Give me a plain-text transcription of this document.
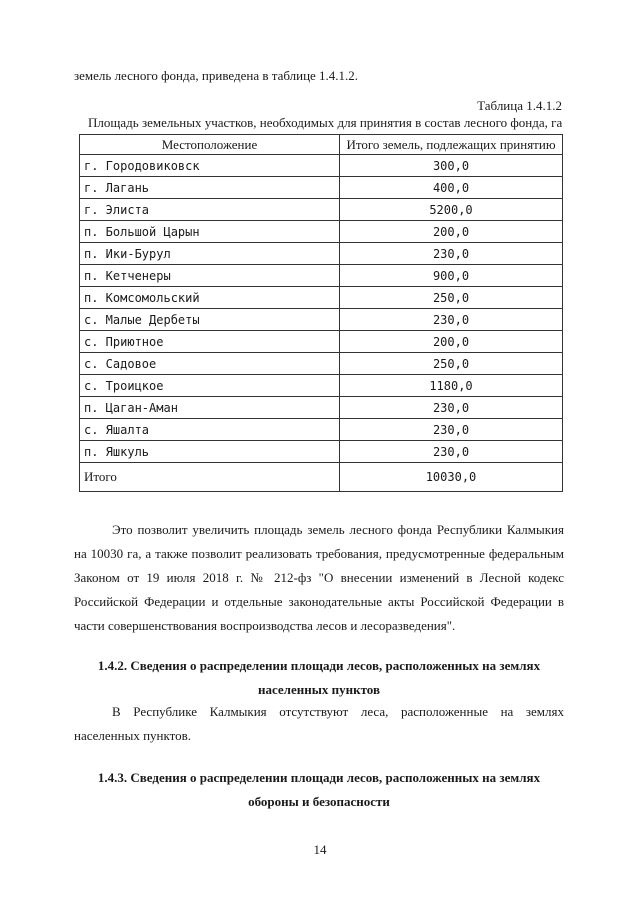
земель лесного фонда, приведена в таблице 1.4.1.2.
Таблица 1.4.1.2
Площадь земельных участков, необходимых для принятия в состав лесного фонда, га
Местоположение	Итого земель, подлежащих принятию
г. Городовиковск	300,0
г. Лагань	400,0
г. Элиста	5200,0
п. Большой Царын	200,0
п. Ики-Бурул	230,0
п. Кетченеры	900,0
п. Комсомольский	250,0
с. Малые Дербеты	230,0
с. Приютное	200,0
с. Садовое	250,0
с. Троицкое	1180,0
п. Цаган-Аман	230,0
с. Яшалта	230,0
п. Яшкуль	230,0
Итого	10030,0

Это позволит увеличить площадь земель лесного фонда Республики Калмыкия на 10030 га, а также позволит реализовать требования, предусмотренные федеральным Законом от 19 июля 2018 г. № 212-фз "О внесении изменений в Лесной кодекс Российской Федерации и отдельные законодательные акты Российской Федерации в части совершенствования воспроизводства лесов и лесоразведения".

1.4.2. Сведения о распределении площади лесов, расположенных на землях населенных пунктов

В Республике Калмыкия отсутствуют леса, расположенные на землях населенных пунктов.

1.4.3. Сведения о распределении площади лесов, расположенных на землях обороны и безопасности
14
